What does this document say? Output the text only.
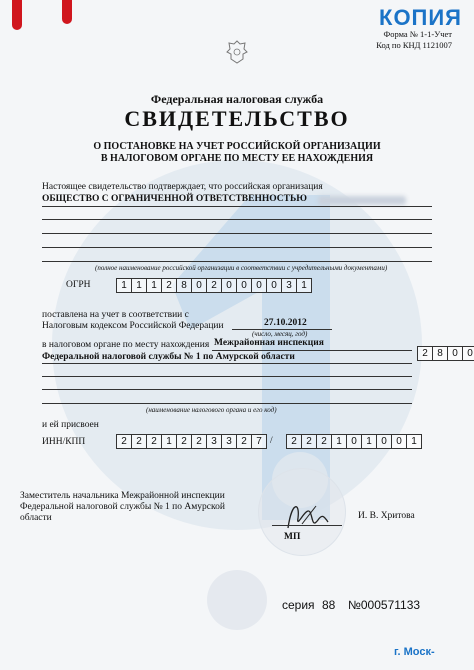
КОПИЯ
Форма № 1-1-Учет
Код по КНД 1121007
Федеральная налоговая служба
СВИДЕТЕЛЬСТВО
О ПОСТАНОВКЕ НА УЧЕТ РОССИЙСКОЙ ОРГАНИЗАЦИИ
В НАЛОГОВОМ ОРГАНЕ ПО МЕСТУ ЕЕ НАХОЖДЕНИЯ
Настоящее свидетельство подтверждает, что российская организация
ОБЩЕСТВО С ОГРАНИЧЕННОЙ ОТВЕТСТВЕННОСТЬЮ
(полное наименование российской организации в соответствии с учредительными документами)
ОГРН	1 1 1 2 8 0 2 0 0 0 0 3 1
поставлена на учет в соответствии с
Налоговым кодексом Российской Федерации	27.10.2012
(число, месяц, год)
в налоговом органе по месту нахождения Межрайонная инспекция
Федеральной налоговой службы № 1 по Амурской области	2 8 0 0
(наименование налогового органа и его код)
и ей присвоен
ИНН/КПП	2 2 2 1 2 2 3 3 2 7 /	2 2 2 1 0 1 0 0 1
Заместитель начальника Межрайонной инспекции
Федеральной налоговой службы № 1 по Амурской
области	И. В. Хритова
МП
серия 88 №000571133
г. Моск-
